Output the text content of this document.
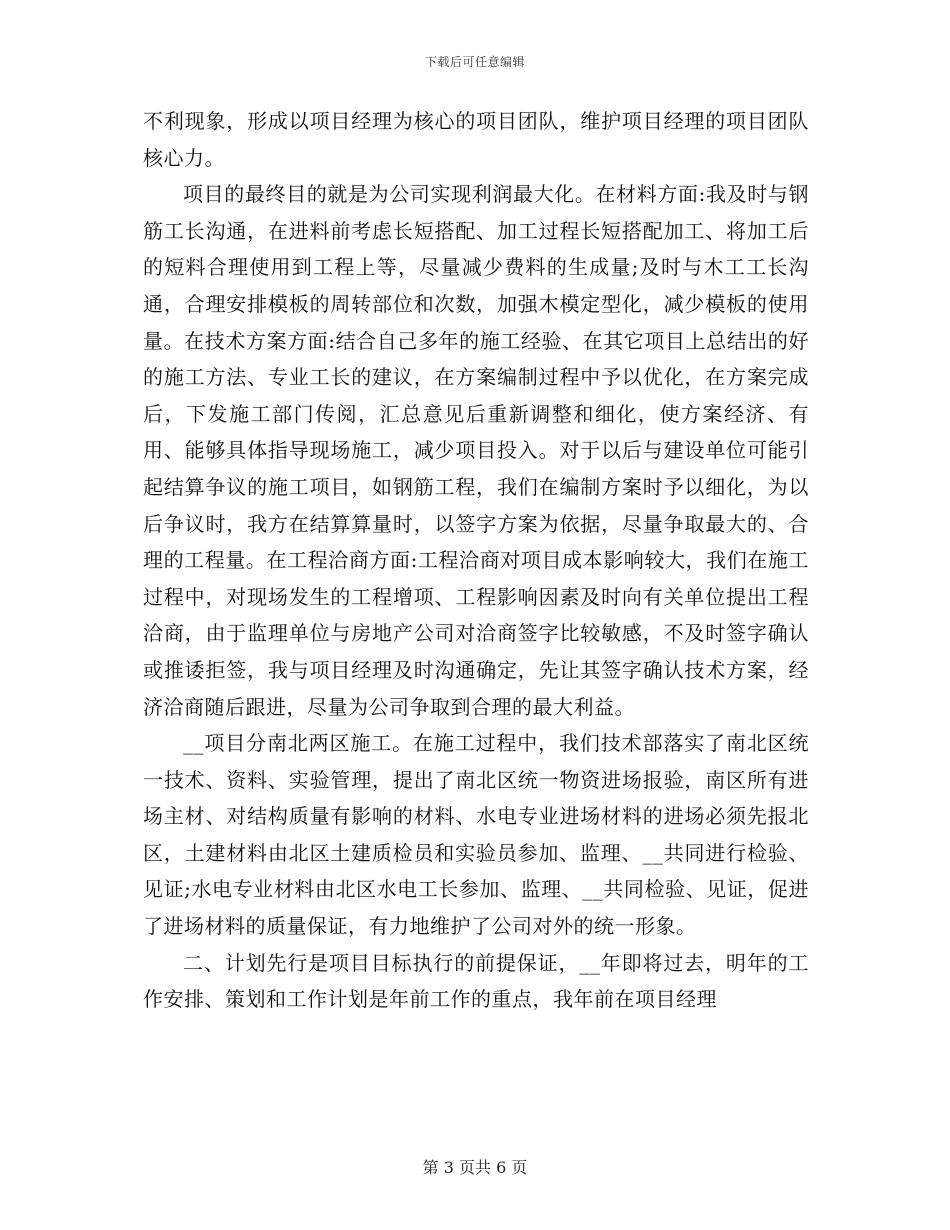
下载后可任意编辑

不利现象，形成以项目经理为核心的项目团队，维护项目经理的项目团队核心力。

项目的最终目的就是为公司实现利润最大化。在材料方面:我及时与钢筋工长沟通，在进料前考虑长短搭配、加工过程长短搭配加工、将加工后的短料合理使用到工程上等，尽量减少费料的生成量;及时与木工工长沟通，合理安排模板的周转部位和次数，加强木模定型化，减少模板的使用量。在技术方案方面:结合自己多年的施工经验、在其它项目上总结出的好的施工方法、专业工长的建议，在方案编制过程中予以优化，在方案完成后，下发施工部门传阅，汇总意见后重新调整和细化，使方案经济、有用、能够具体指导现场施工，减少项目投入。对于以后与建设单位可能引起结算争议的施工项目，如钢筋工程，我们在编制方案时予以细化，为以后争议时，我方在结算算量时，以签字方案为依据，尽量争取最大的、合理的工程量。在工程洽商方面:工程洽商对项目成本影响较大，我们在施工过程中，对现场发生的工程增项、工程影响因素及时向有关单位提出工程洽商，由于监理单位与房地产公司对洽商签字比较敏感，不及时签字确认或推诿拒签，我与项目经理及时沟通确定，先让其签字确认技术方案，经济洽商随后跟进，尽量为公司争取到合理的最大利益。

__项目分南北两区施工。在施工过程中，我们技术部落实了南北区统一技术、资料、实验管理，提出了南北区统一物资进场报验，南区所有进场主材、对结构质量有影响的材料、水电专业进场材料的进场必须先报北区，土建材料由北区土建质检员和实验员参加、监理、__共同进行检验、见证;水电专业材料由北区水电工长参加、监理、__共同检验、见证，促进了进场材料的质量保证，有力地维护了公司对外的统一形象。

二、计划先行是项目目标执行的前提保证，__年即将过去，明年的工作安排、策划和工作计划是年前工作的重点，我年前在项目经理

第 3 页共 6 页
